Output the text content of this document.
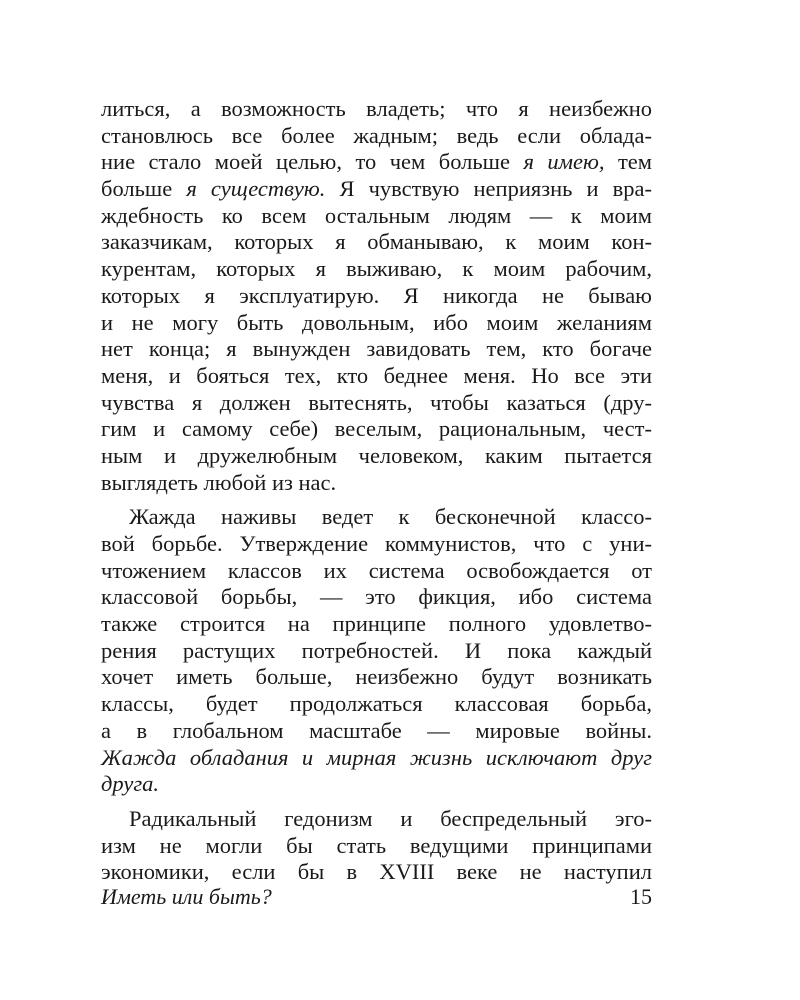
литься, а возможность владеть; что я неизбежно
становлюсь все более жадным; ведь если облада-
ние стало моей целью, то чем больше я имею, тем
больше я существую. Я чувствую неприязнь и вра-
ждебность ко всем остальным людям — к моим
заказчикам, которых я обманываю, к моим кон-
курентам, которых я выживаю, к моим рабочим,
которых я эксплуатирую. Я никогда не бываю
и не могу быть довольным, ибо моим желаниям
нет конца; я вынужден завидовать тем, кто богаче
меня, и бояться тех, кто беднее меня. Но все эти
чувства я должен вытеснять, чтобы казаться (дру-
гим и самому себе) веселым, рациональным, чест-
ным и дружелюбным человеком, каким пытается
выглядеть любой из нас.
Жажда наживы ведет к бесконечной классо-
вой борьбе. Утверждение коммунистов, что с уни-
чтожением классов их система освобождается от
классовой борьбы, — это фикция, ибо система
также строится на принципе полного удовлетво-
рения растущих потребностей. И пока каждый
хочет иметь больше, неизбежно будут возникать
классы, будет продолжаться классовая борьба,
а в глобальном масштабе — мировые войны.
Жажда обладания и мирная жизнь исключают друг
друга.
Радикальный гедонизм и беспредельный эго-
изм не могли бы стать ведущими принципами
экономики, если бы в XVIII веке не наступил
Иметь или быть?	15
